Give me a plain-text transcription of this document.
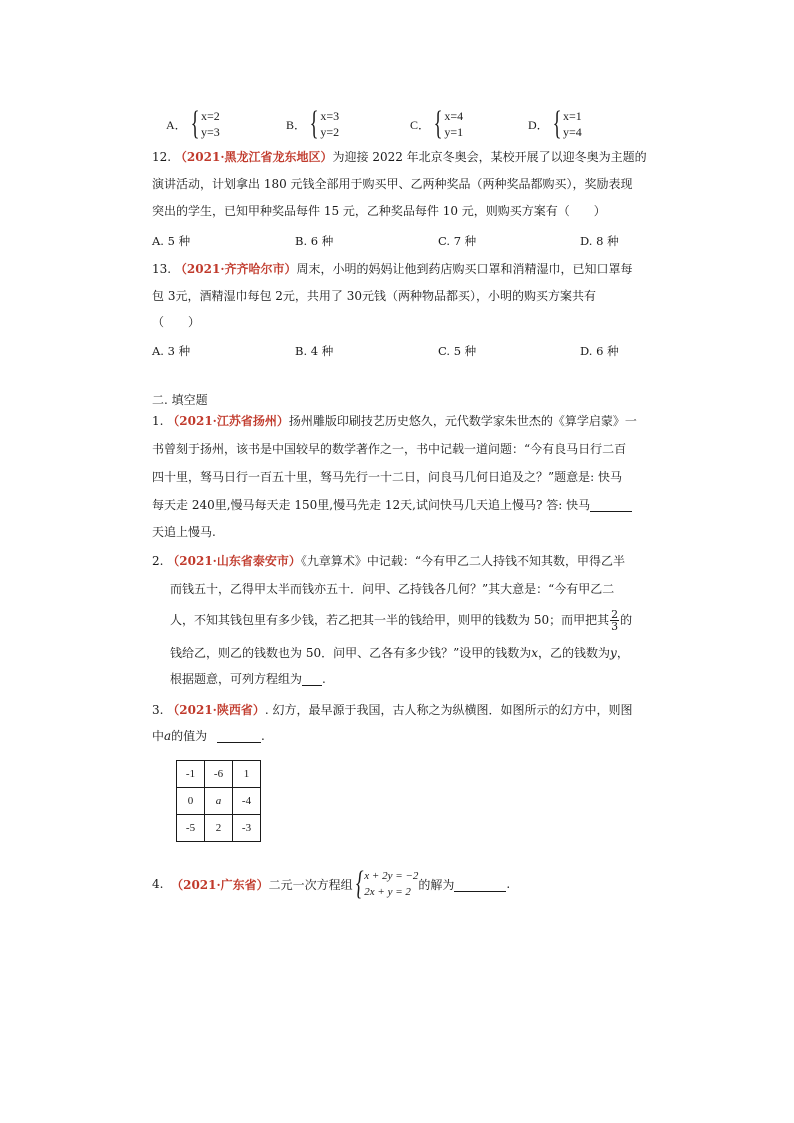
A． { x=2
y=3
B． { x=3
y=2
C． { x=4
y=1
D． { x=1
y=4
12. （2021·黑龙江省龙东地区）为迎接 2022 年北京冬奥会，某校开展了以迎冬奥为主题的
演讲活动，计划拿出 180 元钱全部用于购买甲、乙两种奖品（两种奖品都购买），奖励表现
突出的学生，已知甲种奖品每件 15 元，乙种奖品每件 10 元，则购买方案有（　　）
A. 5 种	B. 6 种	C. 7 种	D. 8 种
13. （2021·齐齐哈尔市）周末，小明的妈妈让他到药店购买口罩和消精湿巾，已知口罩每
包 3元，酒精湿巾每包 2元，共用了 30元钱（两种物品都买），小明的购买方案共有
（　　）
A. 3 种	B. 4 种	C. 5 种	D. 6 种
二. 填空题
1. （2021·江苏省扬州）扬州雕版印刷技艺历史悠久，元代数学家朱世杰的《算学启蒙》一
书曾刻于扬州，该书是中国较早的数学著作之一，书中记载一道问题：“今有良马日行二百
四十里，驽马日行一百五十里，驽马先行一十二日，问良马几何日追及之？”题意是: 快马
每天走 240里,慢马每天走 150里,慢马先走 12天,试问快马几天追上慢马? 答: 快马
天追上慢马.
2. （2021·山东省泰安市）《九章算术》中记载：“今有甲乙二人持钱不知其数，甲得乙半
而钱五十，乙得甲太半而钱亦五十．问甲、乙持钱各几何？”其大意是：“今有甲乙二
人，不知其钱包里有多少钱，若乙把其一半的钱给甲，则甲的钱数为 50；而甲把其 $\frac{2}{3}$ 的
钱给乙，则乙的钱数也为 50．问甲、乙各有多少钱？”设甲的钱数为x，乙的钱数为y，
根据题意，可列方程组为 .
3. （2021·陕西省）. 幻方，最早源于我国，古人称之为纵横图．如图所示的幻方中，则图
中a的值为	.
-1	-6	1
0	a	-4
-5	2	-3
4.
（2021·广东省） 二元一次方程组 { x + 2y = −2
2x + y = 2
的解为	.
